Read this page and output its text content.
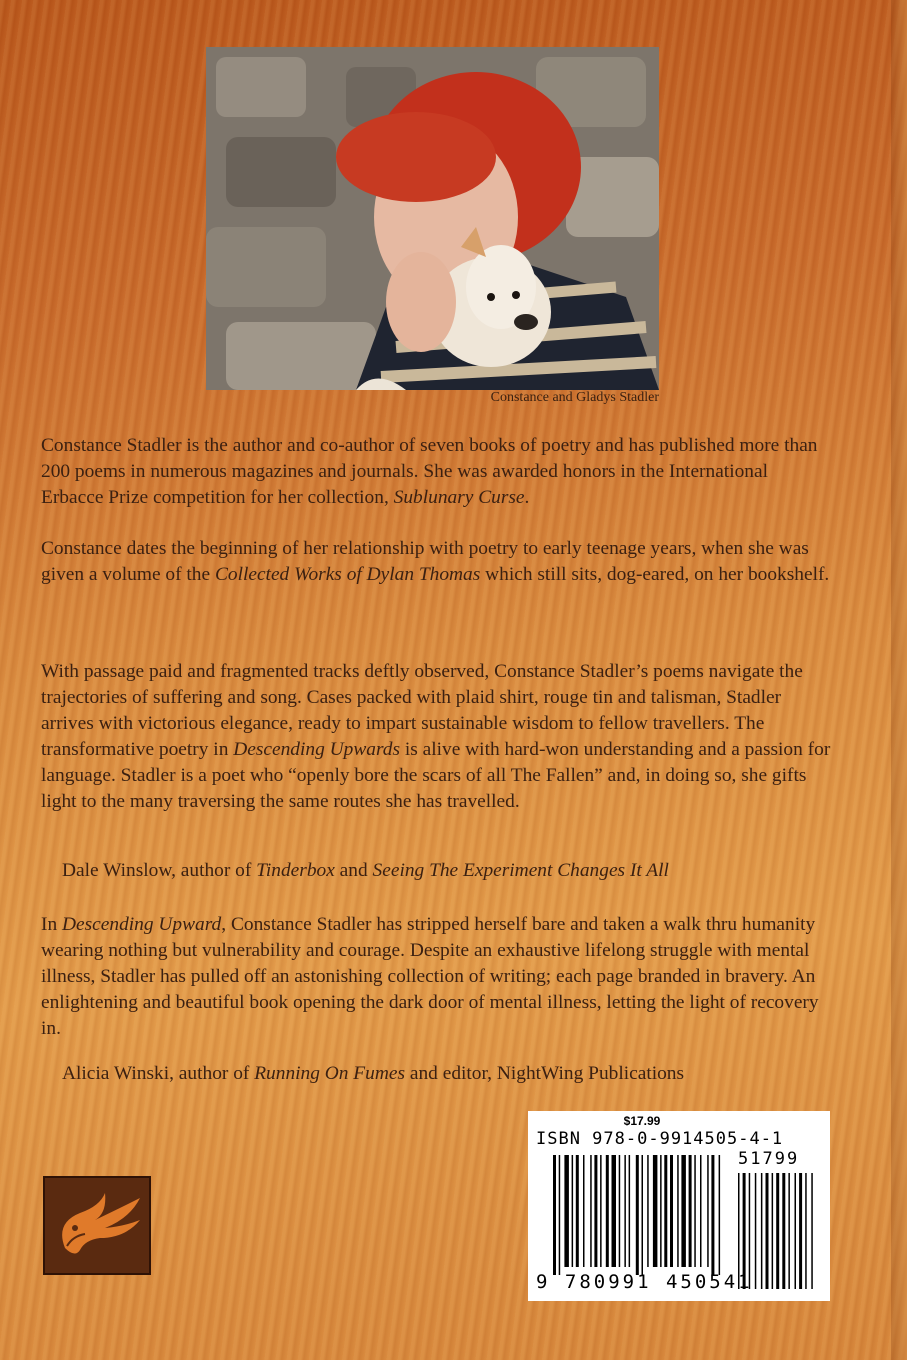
Constance and Gladys Stadler

Constance Stadler is the author and co-author of seven books of poetry and has published more than 200 poems in numerous magazines and journals. She was awarded honors in the International Erbacce Prize competition for her collection, Sublunary Curse.

Constance dates the beginning of her relationship with poetry to early teenage years, when she was given a volume of the Collected Works of Dylan Thomas which still sits, dog-eared, on her bookshelf.

With passage paid and fragmented tracks deftly observed, Constance Stadler’s poems navigate the trajectories of suffering and song. Cases packed with plaid shirt, rouge tin and talisman, Stadler arrives with victorious elegance, ready to impart sustainable wisdom to fellow travellers. The transformative poetry in Descending Upwards is alive with hard-won understanding and a passion for language. Stadler is a poet who “openly bore the scars of all The Fallen” and, in doing so, she gifts light to the many traversing the same routes she has travelled.

Dale Winslow, author of Tinderbox and Seeing The Experiment Changes It All

In Descending Upward, Constance Stadler has stripped herself bare and taken a walk thru humanity wearing nothing but vulnerability and courage. Despite an exhaustive lifelong struggle with mental illness, Stadler has pulled off an astonishing collection of writing; each page branded in bravery. An enlightening and beautiful book opening the dark door of mental illness, letting the light of recovery in.

Alicia Winski, author of Running On Fumes and editor, NightWing Publications
$17.99
ISBN 978-0-9914505-4-1
51799
9 780991 450541
